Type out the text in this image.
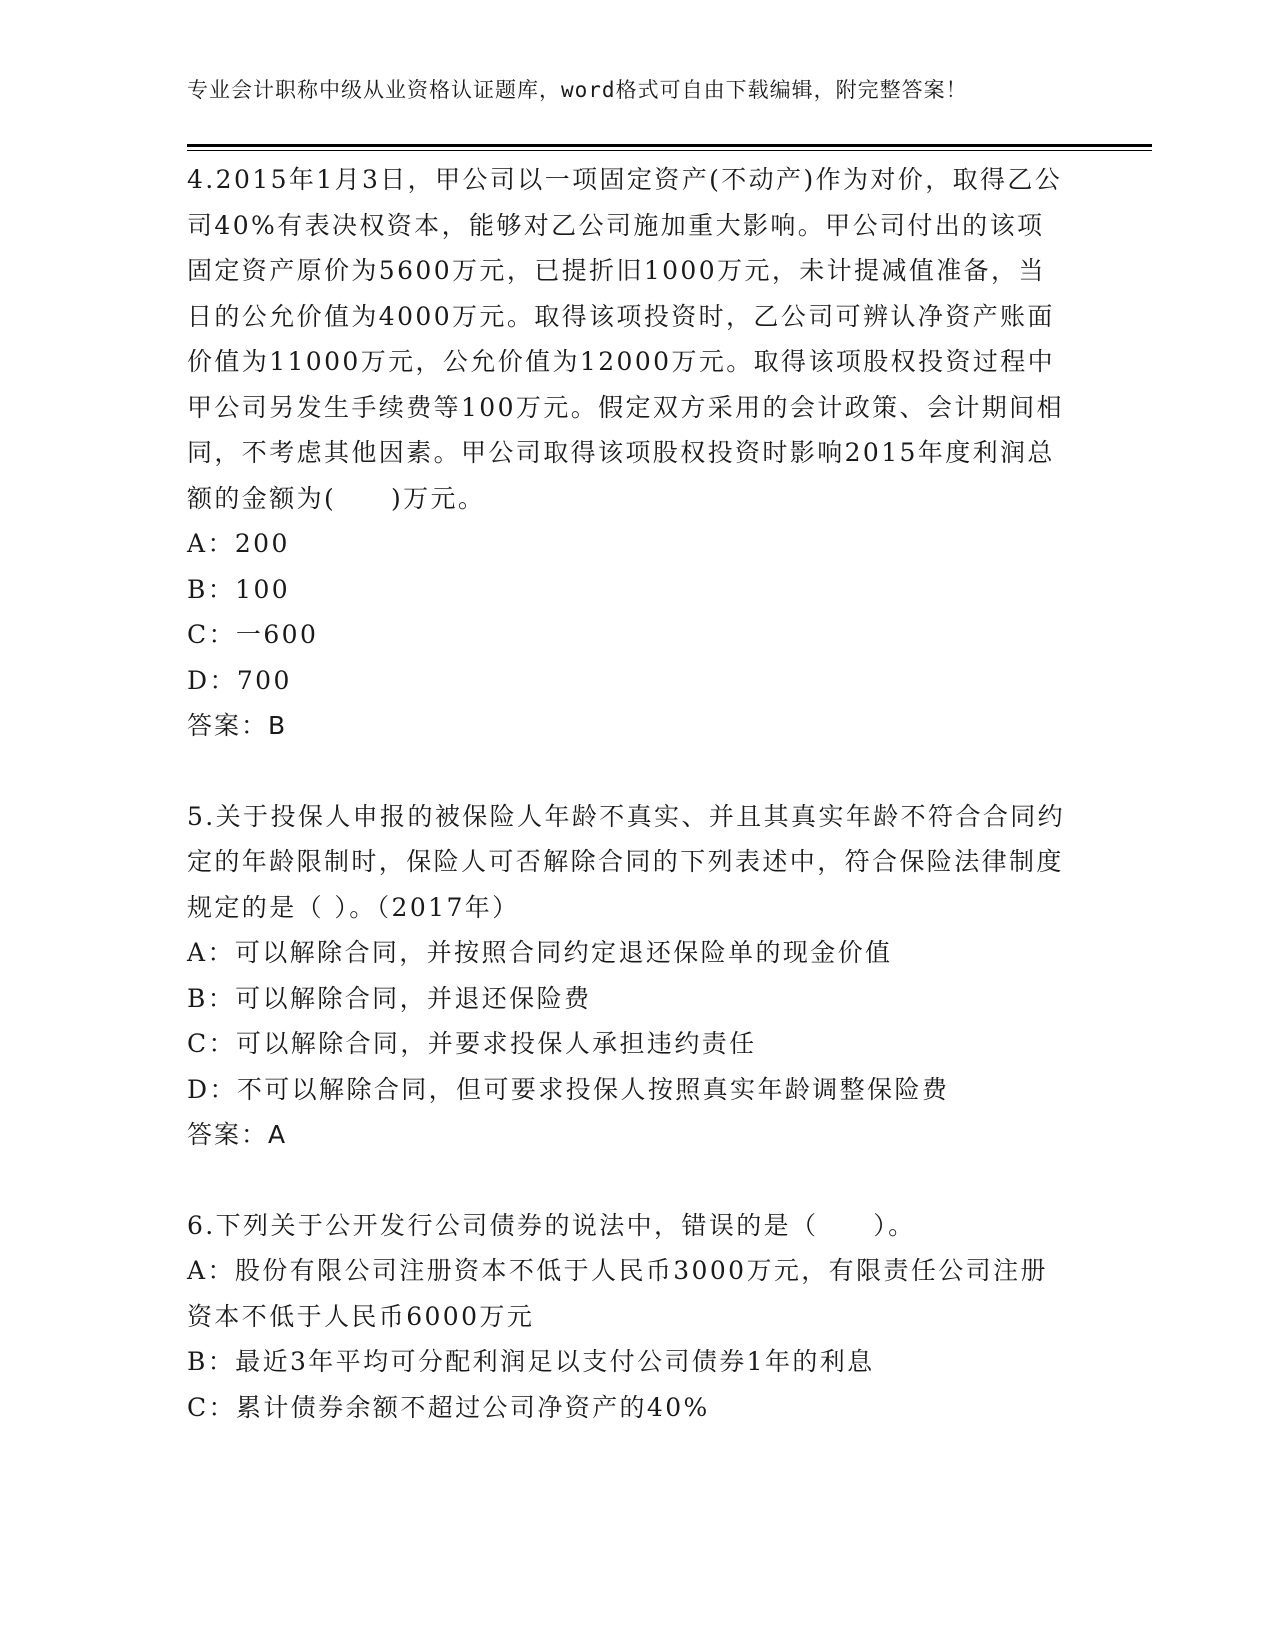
专业会计职称中级从业资格认证题库，word格式可自由下载编辑，附完整答案！

4.2015年1月3日，甲公司以一项固定资产(不动产)作为对价，取得乙公司40%有表决权资本，能够对乙公司施加重大影响。甲公司付出的该项固定资产原价为5600万元，已提折旧1000万元，未计提减值准备，当日的公允价值为4000万元。取得该项投资时，乙公司可辨认净资产账面价值为11000万元，公允价值为12000万元。取得该项股权投资过程中甲公司另发生手续费等100万元。假定双方采用的会计政策、会计期间相同，不考虑其他因素。甲公司取得该项股权投资时影响2015年度利润总额的金额为(　　)万元。

A：200

B：100

C：一600

D：700

答案：B

5.关于投保人申报的被保险人年龄不真实、并且其真实年龄不符合合同约定的年龄限制时，保险人可否解除合同的下列表述中，符合保险法律制度规定的是（ ）。（2017年）

A：可以解除合同，并按照合同约定退还保险单的现金价值

B：可以解除合同，并退还保险费

C：可以解除合同，并要求投保人承担违约责任

D：不可以解除合同，但可要求投保人按照真实年龄调整保险费

答案：A

6.下列关于公开发行公司债券的说法中，错误的是（　　）。

A：股份有限公司注册资本不低于人民币3000万元，有限责任公司注册资本不低于人民币6000万元

B：最近3年平均可分配利润足以支付公司债券1年的利息

C：累计债券余额不超过公司净资产的40%
